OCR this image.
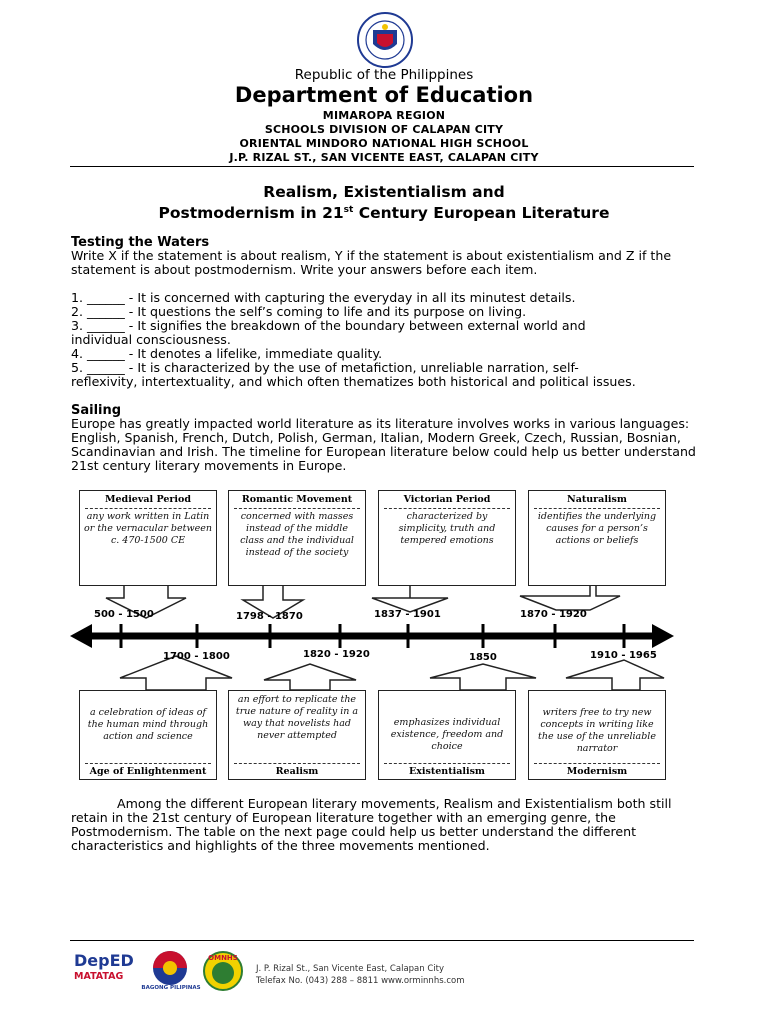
Republic of the Philippines
Department of Education
MIMAROPA REGION
SCHOOLS DIVISION OF CALAPAN CITY
ORIENTAL MINDORO NATIONAL HIGH SCHOOL
J.P. RIZAL ST., SAN VICENTE EAST, CALAPAN CITY
Realism, Existentialism and
Postmodernism in 21st Century European Literature
Testing the Waters
Write X if the statement is about realism, Y if the statement is about existentialism and Z if the statement is about postmodernism. Write your answers before each item.
1. ______ - It is concerned with capturing the everyday in all its minutest details.
2. ______ - It questions the self’s coming to life and its purpose on living.
3. ______ - It signifies the breakdown of the boundary between external world and
individual consciousness.
4. ______ - It denotes a lifelike, immediate quality.
5. ______ - It is characterized by the use of metafiction, unreliable narration, self-
reflexivity, intertextuality, and which often thematizes both historical and political issues.
Sailing
Europe has greatly impacted world literature as its literature involves works in various languages: English, Spanish, French, Dutch, Polish, German, Italian, Modern Greek, Czech, Russian, Bosnian, Scandinavian and Irish. The timeline for European literature below could help us better understand 21st century literary movements in Europe.
Medieval Period
any work written in Latin or the vernacular between c. 470-1500 CE
Romantic Movement
concerned with masses instead of the middle class and the individual instead of the society
Victorian Period
characterized by simplicity, truth and tempered emotions
Naturalism
identifies the underlying causes for a person’s actions or beliefs
500 - 1500	1798 - 1870	1837 - 1901	1870 - 1920
1700 - 1800	1820 - 1920	1850	1910 - 1965
a celebration of ideas of the human mind through action and science
Age of Enlightenment
an effort to replicate the true nature of reality in a way that novelists had never attempted
Realism
emphasizes individual existence, freedom and choice
Existentialism
writers free to try new concepts in writing like the use of the unreliable narrator
Modernism
Among the different European literary movements, Realism and Existentialism both still retain in the 21st century of European literature together with an emerging genre, the Postmodernism. The table on the next page could help us better understand the different characteristics and highlights of the three movements mentioned.
DepED
MATATAG
BAGONG PILIPINAS
OMNHS
J. P. Rizal St., San Vicente East, Calapan City
Telefax No. (043) 288 – 8811 www.orminnhs.com
